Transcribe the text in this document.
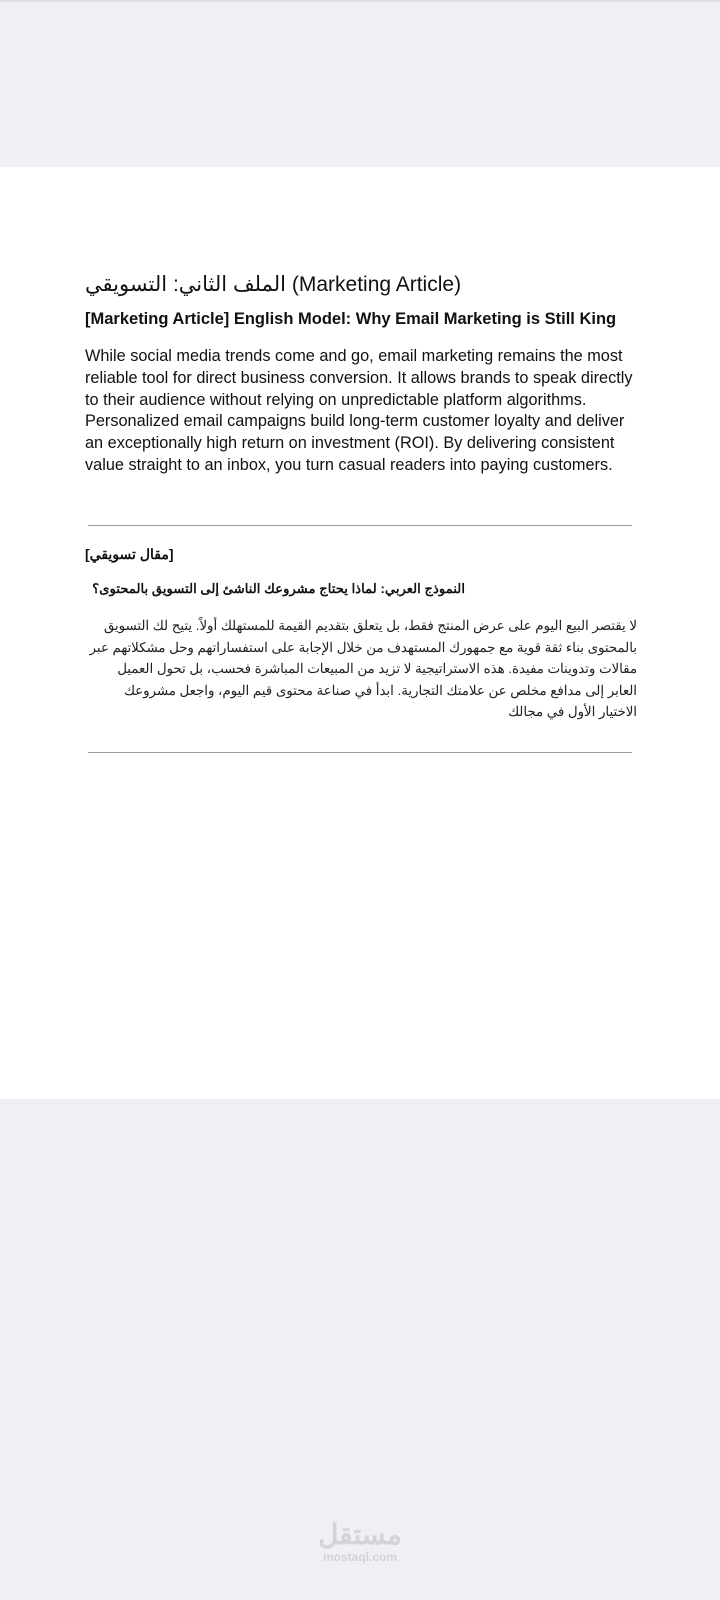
الملف الثاني: التسويقي (Marketing Article)
[Marketing Article] English Model: Why Email Marketing is Still King
While social media trends come and go, email marketing remains the most reliable tool for direct business conversion. It allows brands to speak directly to their audience without relying on unpredictable platform algorithms. Personalized email campaigns build long-term customer loyalty and deliver an exceptionally high return on investment (ROI). By delivering consistent value straight to an inbox, you turn casual readers into paying customers.
[مقال تسويقي]
النموذج العربي: لماذا يحتاج مشروعك الناشئ إلى التسويق بالمحتوى؟
لا يقتصر البيع اليوم على عرض المنتج فقط، بل يتعلق بتقديم القيمة للمستهلك أولاً. يتيح لك التسويق بالمحتوى بناء ثقة قوية مع جمهورك المستهدف من خلال الإجابة على استفساراتهم وحل مشكلاتهم عبر مقالات وتدوينات مفيدة. هذه الاستراتيجية لا تزيد من المبيعات المباشرة فحسب، بل تحول العميل العابر إلى مدافع مخلص عن علامتك التجارية. ابدأ في صناعة محتوى قيم اليوم، واجعل مشروعك الاختيار الأول في مجالك
مستقل
mostaql.com
